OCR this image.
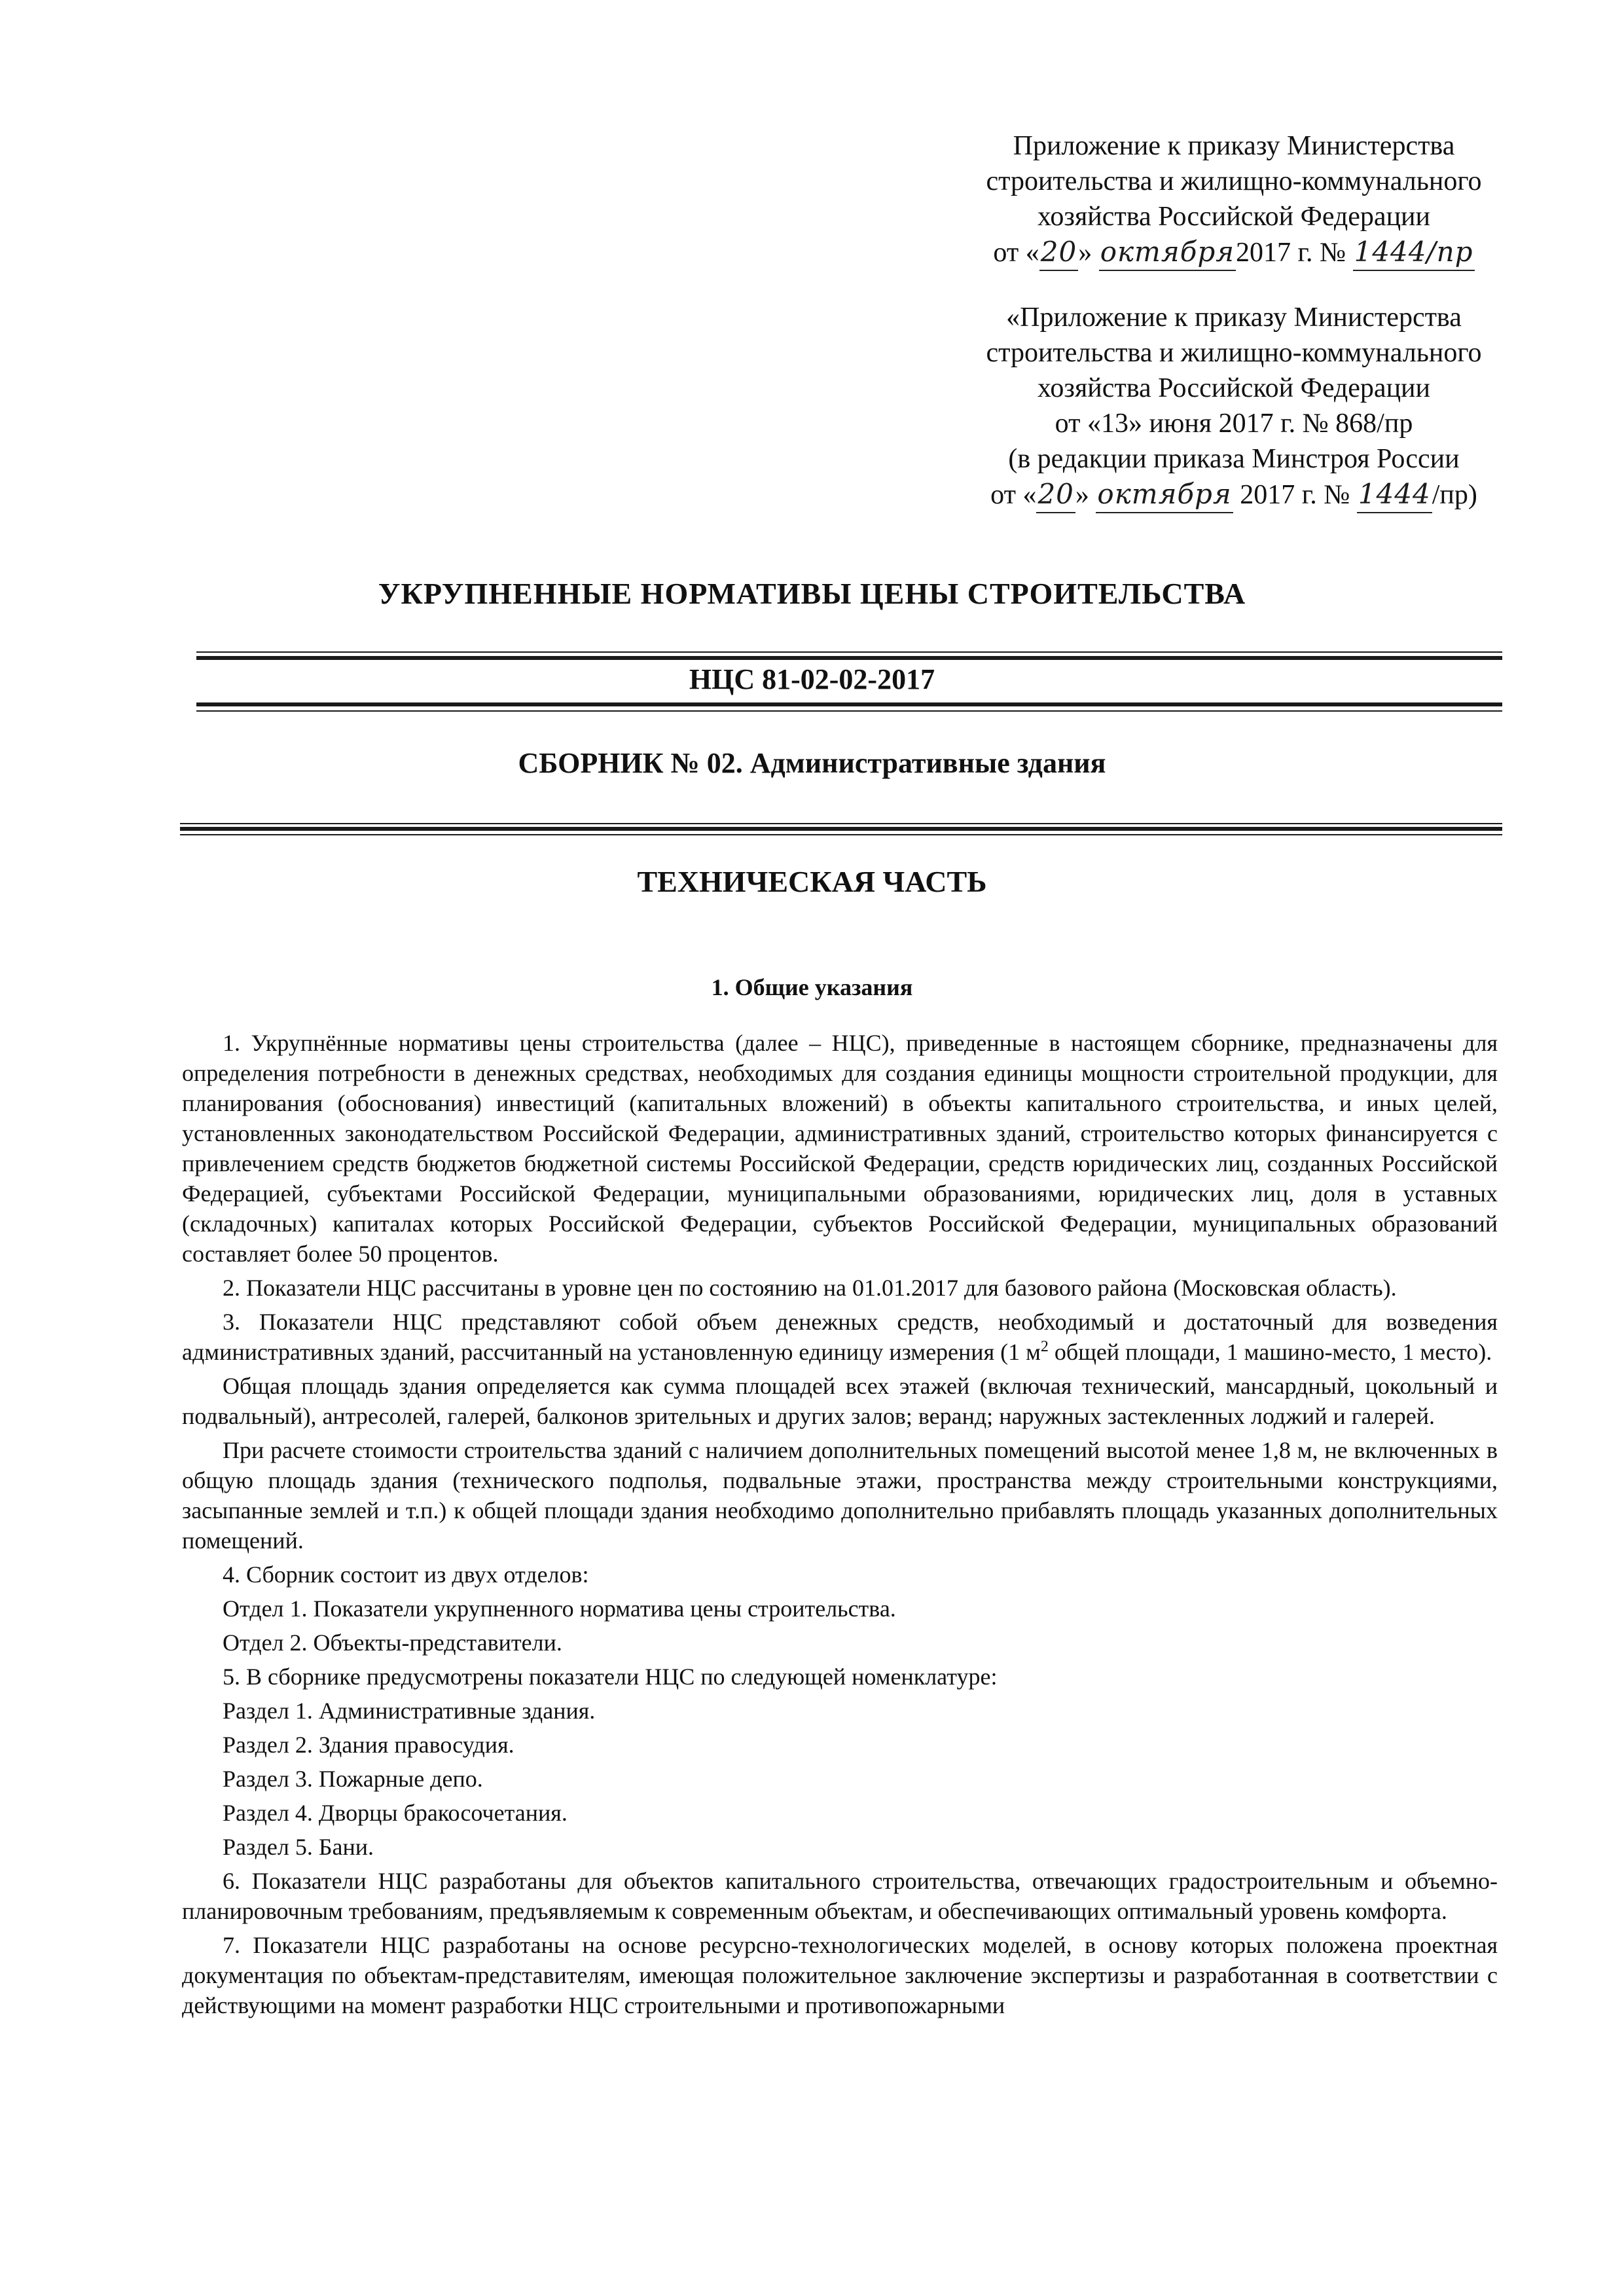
Приложение к приказу Министерства
строительства и жилищно-коммунального
хозяйства Российской Федерации
от «20» октября2017 г. № 1444/пр
«Приложение к приказу Министерства
строительства и жилищно-коммунального
хозяйства Российской Федерации
от «13» июня 2017 г. № 868/пр
(в редакции приказа Минстроя России
от «20» октября 2017 г. № 1444/пр)
УКРУПНЕННЫЕ НОРМАТИВЫ ЦЕНЫ СТРОИТЕЛЬСТВА
НЦС 81-02-02-2017
СБОРНИК № 02. Административные здания
ТЕХНИЧЕСКАЯ ЧАСТЬ
1. Общие указания

1. Укрупнённые нормативы цены строительства (далее – НЦС), приведенные в настоящем сборнике, предназначены для определения потребности в денежных средствах, необходимых для создания единицы мощности строительной продукции, для планирования (обоснования) инвестиций (капитальных вложений) в объекты капитального строительства, и иных целей, установленных законодательством Российской Федерации, административных зданий, строительство которых финансируется с привлечением средств бюджетов бюджетной системы Российской Федерации, средств юридических лиц, созданных Российской Федерацией, субъектами Российской Федерации, муниципальными образованиями, юридических лиц, доля в уставных (складочных) капиталах которых Российской Федерации, субъектов Российской Федерации, муниципальных образований составляет более 50 процентов.

2. Показатели НЦС рассчитаны в уровне цен по состоянию на 01.01.2017 для базового района (Московская область).

3. Показатели НЦС представляют собой объем денежных средств, необходимый и достаточный для возведения административных зданий, рассчитанный на установленную единицу измерения (1 $м^2$ общей площади, 1 машино-место, 1 место).

Общая площадь здания определяется как сумма площадей всех этажей (включая технический, мансардный, цокольный и подвальный), антресолей, галерей, балконов зрительных и других залов; веранд; наружных застекленных лоджий и галерей.

При расчете стоимости строительства зданий с наличием дополнительных помещений высотой менее 1,8 м, не включенных в общую площадь здания (технического подполья, подвальные этажи, пространства между строительными конструкциями, засыпанные землей и т.п.) к общей площади здания необходимо дополнительно прибавлять площадь указанных дополнительных помещений.

4. Сборник состоит из двух отделов:

Отдел 1. Показатели укрупненного норматива цены строительства.

Отдел 2. Объекты-представители.

5. В сборнике предусмотрены показатели НЦС по следующей номенклатуре:

Раздел 1. Административные здания.

Раздел 2. Здания правосудия.

Раздел 3. Пожарные депо.

Раздел 4. Дворцы бракосочетания.

Раздел 5. Бани.

6. Показатели НЦС разработаны для объектов капитального строительства, отвечающих градостроительным и объемно-планировочным требованиям, предъявляемым к современным объектам, и обеспечивающих оптимальный уровень комфорта.

7. Показатели НЦС разработаны на основе ресурсно-технологических моделей, в основу которых положена проектная документация по объектам-представителям, имеющая положительное заключение экспертизы и разработанная в соответствии с действующими на момент разработки НЦС строительными и противопожарными
